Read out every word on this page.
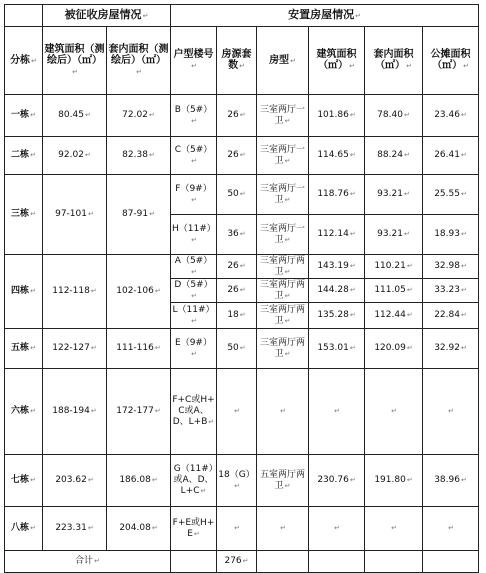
	被征收房屋情况↵		安置房屋情况↵					
分栋↵	建筑面积（测绘后）（㎡）↵	套内面积（测绘后）（㎡）↵	户型楼号↵	房源套数↵	房型↵	建筑面积（㎡）↵	套内面积（㎡）↵	公摊面积（㎡）↵
一栋↵	80.45↵	72.02↵	B（5#）↵	26↵	三室两厅一卫↵	101.86↵	78.40↵	23.46↵
二栋↵	92.02↵	82.38↵	C（5#）↵	26↵	三室两厅一卫↵	114.65↵	88.24↵	26.41↵
三栋↵	97-101↵	87-91↵	F（9#）↵	50↵	三室两厅一卫↵	118.76↵	93.21↵	25.55↵
			H（11#）↵	36↵	三室两厅一卫↵	112.14↵	93.21↵	18.93↵
四栋↵	112-118↵	102-106↵	A（5#）↵	26↵	三室两厅两卫↵	143.19↵	110.21↵	32.98↵
			D（5#）↵	26↵	三室两厅两卫↵	144.28↵	111.05↵	33.23↵
			L（11#）↵	18↵	三室两厅两卫↵	135.28↵	112.44↵	22.84↵
五栋↵	122-127↵	111-116↵	E（9#）↵	50↵	三室两厅两卫↵	153.01↵	120.09↵	32.92↵
六栋↵	188-194↵	172-177↵	F+C或H+C或A、D、L+B↵	↵	↵	↵	↵	↵
七栋↵	203.62↵	186.08↵	G（11#）或A、D、L+C↵	18（G）↵	五室两厅两卫↵	230.76↵	191.80↵	38.96↵
八栋↵	223.31↵	204.08↵	F+E或H+E↵	↵	↵	↵	↵	↵
合计↵				276↵				
